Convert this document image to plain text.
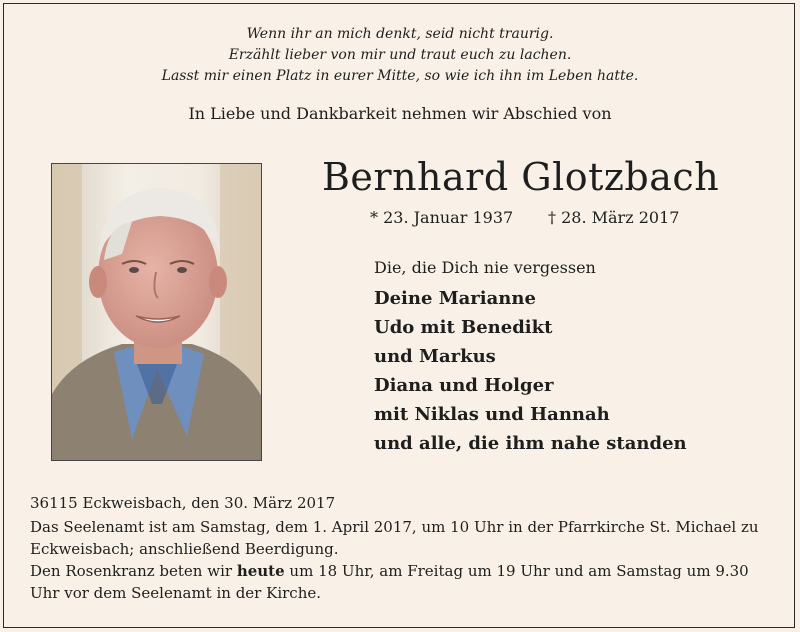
Wenn ihr an mich denkt, seid nicht traurig.
Erzählt lieber von mir und traut euch zu lachen.
Lasst mir einen Platz in eurer Mitte, so wie ich ihn im Leben hatte.
In Liebe und Dankbarkeit nehmen wir Abschied von
Bernhard Glotzbach
* 23. Januar 1937 † 28. März 2017
Die, die Dich nie vergessen
Deine Marianne
Udo mit Benedikt
und Markus
Diana und Holger
mit Niklas und Hannah
und alle, die ihm nahe standen
36115 Eckweisbach, den 30. März 2017

Das Seelenamt ist am Samstag, dem 1. April 2017, um 10 Uhr in der Pfarrkirche St. Michael zu Eckweisbach; anschließend Beerdigung.

Den Rosenkranz beten wir heute um 18 Uhr, am Freitag um 19 Uhr und am Samstag um 9.30 Uhr vor dem Seelenamt in der Kirche.
